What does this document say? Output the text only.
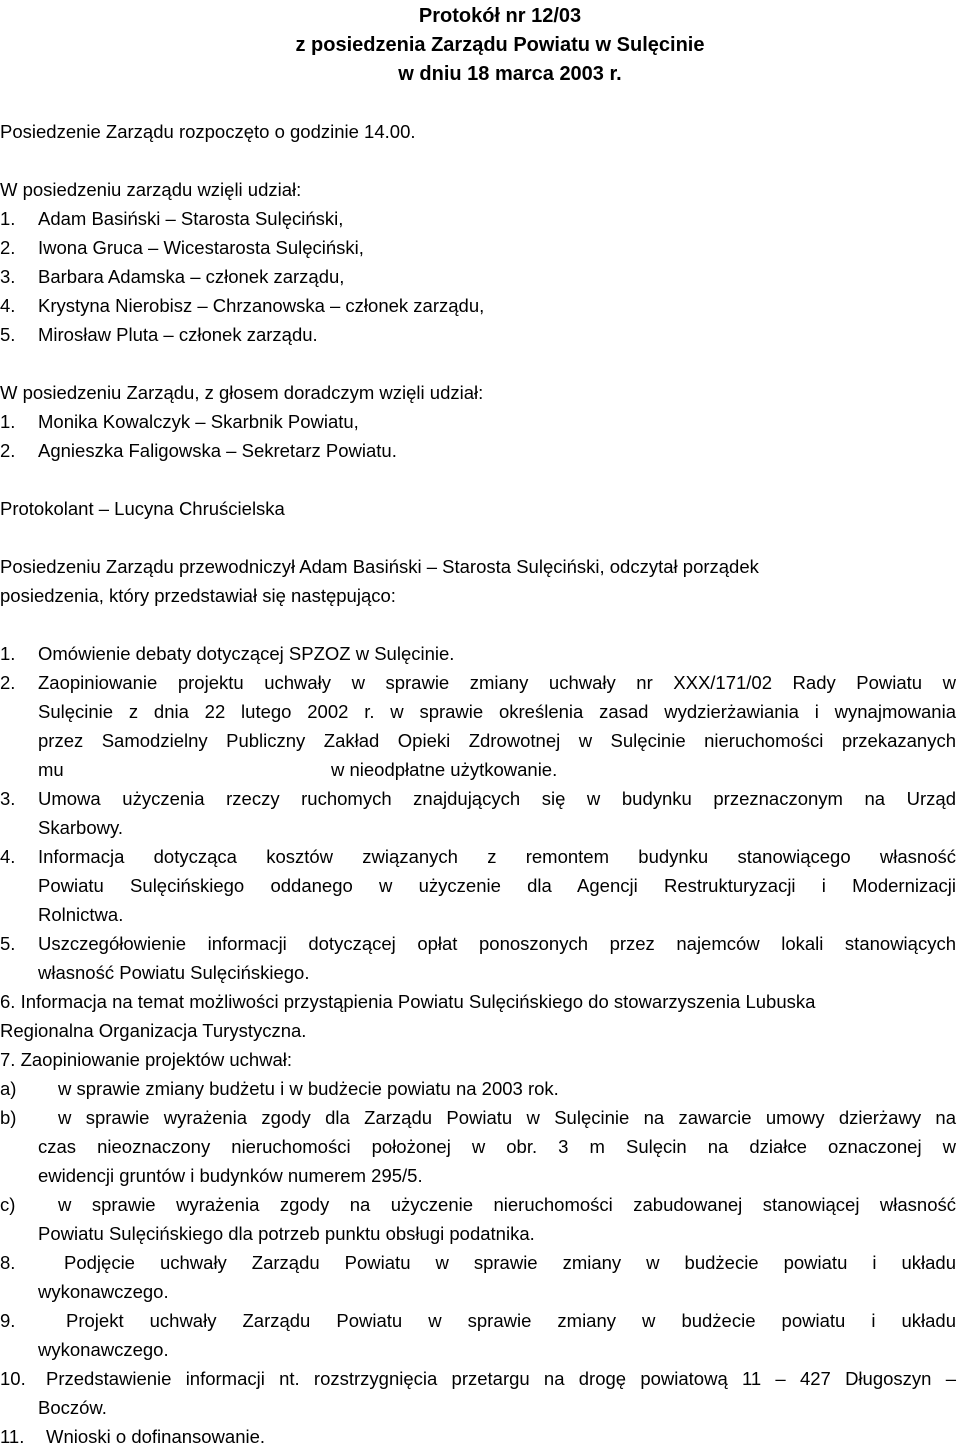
Protokół nr 12/03
z posiedzenia Zarządu Powiatu w Sulęcinie
w dniu 18 marca 2003 r.
Posiedzenie Zarządu rozpoczęto o godzinie 14.00.
W posiedzeniu zarządu wzięli udział:
1. Adam Basiński – Starosta Sulęciński,
2. Iwona Gruca – Wicestarosta Sulęciński,
3. Barbara Adamska – członek zarządu,
4. Krystyna Nierobisz – Chrzanowska – członek zarządu,
5. Mirosław Pluta – członek zarządu.
W posiedzeniu Zarządu, z głosem doradczym wzięli udział:
1. Monika Kowalczyk – Skarbnik Powiatu,
2. Agnieszka Faligowska – Sekretarz Powiatu.
Protokolant – Lucyna Chruścielska
Posiedzeniu Zarządu przewodniczył Adam Basiński – Starosta Sulęciński, odczytał porządek
posiedzenia, który przedstawiał się następująco:
1. Omówienie debaty dotyczącej SPZOZ w Sulęcinie.
2. Zaopiniowanie projektu uchwały w sprawie zmiany uchwały nr XXX/171/02 Rady Powiatu w
Sulęcinie z dnia 22 lutego 2002 r. w sprawie określenia zasad wydzierżawiania i wynajmowania
przez Samodzielny Publiczny Zakład Opieki Zdrowotnej w Sulęcinie nieruchomości przekazanych
mu                                                    w nieodpłatne użytkowanie.
3. Umowa użyczenia rzeczy ruchomych znajdujących się w budynku przeznaczonym na Urząd
Skarbowy.
4. Informacja dotycząca kosztów związanych z remontem budynku stanowiącego własność
Powiatu Sulęcińskiego oddanego w użyczenie dla Agencji Restrukturyzacji i Modernizacji
Rolnictwa.
5. Uszczegółowienie informacji dotyczącej opłat ponoszonych przez najemców lokali stanowiących
własność Powiatu Sulęcińskiego.
6. Informacja na temat możliwości przystąpienia Powiatu Sulęcińskiego do stowarzyszenia Lubuska
Regionalna Organizacja Turystyczna.
7. Zaopiniowanie projektów uchwał:
a) w sprawie zmiany budżetu i w budżecie powiatu na 2003 rok.
b) w sprawie wyrażenia zgody dla Zarządu Powiatu w Sulęcinie na zawarcie umowy dzierżawy na
czas nieoznaczony nieruchomości położonej w obr. 3 m Sulęcin na działce oznaczonej w
ewidencji gruntów i budynków numerem 295/5.
c) w sprawie wyrażenia zgody na użyczenie nieruchomości zabudowanej stanowiącej własność
Powiatu Sulęcińskiego dla potrzeb punktu obsługi podatnika.
8.	Podjęcie uchwały Zarządu Powiatu w sprawie zmiany w budżecie powiatu i układu
wykonawczego.
9.	Projekt uchwały Zarządu Powiatu w sprawie zmiany w budżecie powiatu i układu
wykonawczego.
10. Przedstawienie informacji nt. rozstrzygnięcia przetargu na drogę powiatową 11 – 427 Długoszyn –
Boczów.
11. Wnioski o dofinansowanie.
